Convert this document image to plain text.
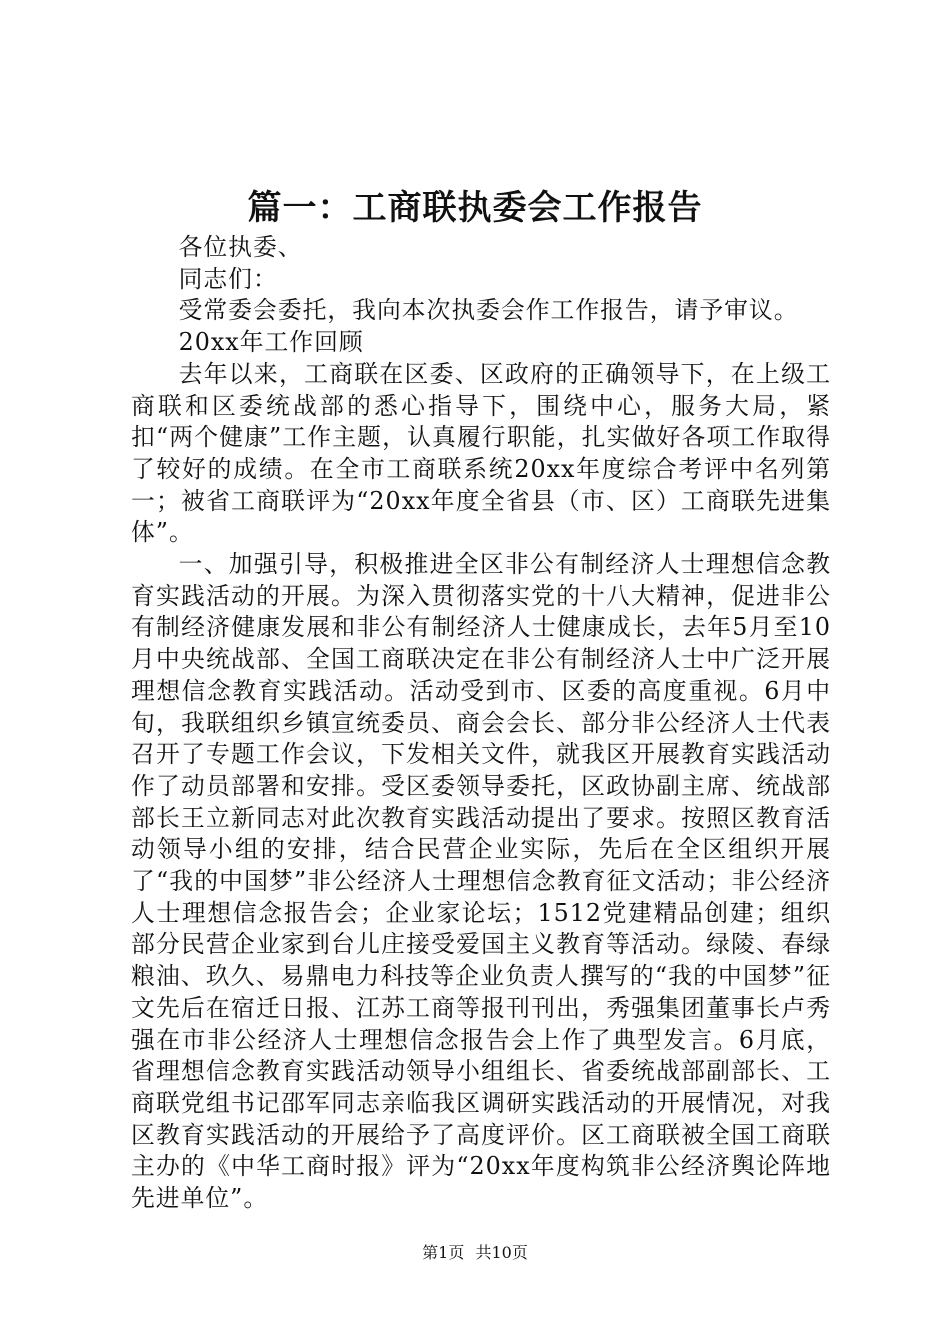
篇一：工商联执委会工作报告

各位执委、

同志们：

受常委会委托，我向本次执委会作工作报告，请予审议。

20xx年工作回顾

去年以来，工商联在区委、区政府的正确领导下，在上级工商联和区委统战部的悉心指导下，围绕中心，服务大局，紧扣“两个健康”工作主题，认真履行职能，扎实做好各项工作取得了较好的成绩。在全市工商联系统20xx年度综合考评中名列第一；被省工商联评为“20xx年度全省县（市、区）工商联先进集体”。

一、加强引导，积极推进全区非公有制经济人士理想信念教育实践活动的开展。为深入贯彻落实党的十八大精神，促进非公有制经济健康发展和非公有制经济人士健康成长，去年5月至10月中央统战部、全国工商联决定在非公有制经济人士中广泛开展理想信念教育实践活动。活动受到市、区委的高度重视。6月中旬，我联组织乡镇宣统委员、商会会长、部分非公经济人士代表召开了专题工作会议，下发相关文件，就我区开展教育实践活动作了动员部署和安排。受区委领导委托，区政协副主席、统战部部长王立新同志对此次教育实践活动提出了要求。按照区教育活动领导小组的安排，结合民营企业实际，先后在全区组织开展了“我的中国梦”非公经济人士理想信念教育征文活动；非公经济人士理想信念报告会；企业家论坛；1512党建精品创建；组织部分民营企业家到台儿庄接受爱国主义教育等活动。绿陵、春绿粮油、玖久、易鼎电力科技等企业负责人撰写的“我的中国梦”征文先后在宿迁日报、江苏工商等报刊刊出，秀强集团董事长卢秀强在市非公经济人士理想信念报告会上作了典型发言。6月底，省理想信念教育实践活动领导小组组长、省委统战部副部长、工商联党组书记邵军同志亲临我区调研实践活动的开展情况，对我区教育实践活动的开展给予了高度评价。区工商联被全国工商联主办的《中华工商时报》评为“20xx年度构筑非公经济舆论阵地先进单位”。

第1页 共10页
